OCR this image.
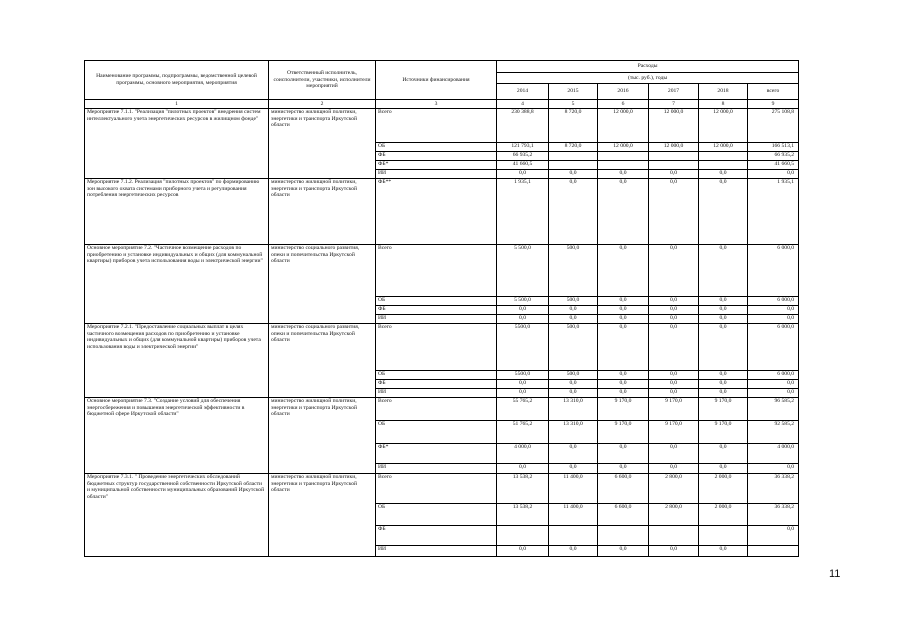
Наименование программы, подпрограммы, ведомственной целевой программы, основного мероприятия, мероприятия	Ответственный исполнитель, соисполнители, участники, исполнители мероприятий	Источники финансирования	Расходы					
			(тыс. руб.), годы					
			2014	2015	2016	2017	2018	всего
1	2	3	4	5	6	7	8	9
Мероприятие 7.1.1. "Реализация "пилотных проектов" внедрения систем интеллектуального учета энергетических ресурсов в жилищном фонде"	министерство жилищной политики, энергетики и транспорта Иркутской области	Всего	230 388,8	8 720,0	12 000,0	12 000,0	12 000,0	275 108,8
		ОБ	121 793,1	8 720,0	12 000,0	12 000,0	12 000,0	166 513,1
		ФБ	66 935,2					66 935,2
		ФБ*	41 660,5					41 660,5
		ИИ	0,0	0,0	0,0	0,0	0,0	0,0
Мероприятие 7.1.2. Реализация "пилотных проектов" по формированию зон высокого охвата системами приборного учета и регулирования потребления энергетических ресурсов	министерство жилищной политики, энергетики и транспорта Иркутской области	ФБ**	1 935,1	0,0	0,0	0,0	0,0	1 935,1
Основное мероприятие 7.2. "Частичное возмещение расходов по приобретению и установке индивидуальных и общих (для коммунальной квартиры) приборов учета использования воды и электрической энергии"	министерство социального развития, опеки и попечительства Иркутской области	Всего	5 500,0	500,0	0,0	0,0	0,0	6 000,0
		ОБ	5 500,0	500,0	0,0	0,0	0,0	6 000,0
		ФБ	0,0	0,0	0,0	0,0	0,0	0,0
		ИИ	0,0	0,0	0,0	0,0	0,0	0,0
Мероприятие 7.2.1. "Предоставление социальных выплат в целях частичного возмещения расходов по приобретению и установке индивидуальных и общих (для коммунальной квартиры) приборов учета использования воды и электрической энергии"	министерство социального развития, опеки и попечительства Иркутской области	Всего	5500,0	500,0	0,0	0,0	0,0	6 000,0
		ОБ	5500,0	500,0	0,0	0,0	0,0	6 000,0
		ФБ	0,0	0,0	0,0	0,0	0,0	0,0
		ИИ	0,0	0,0	0,0	0,0	0,0	0,0
Основное мероприятие 7.3. "Создание условий для обеспечения энергосбережения и повышения энергетической эффективности в бюджетной сфере Иркутской области"	министерство жилищной политики, энергетики и транспорта Иркутской области	Всего	55 765,2	13 310,0	9 170,0	9 170,0	9 170,0	96 585,2
		ОБ	51 765,2	13 310,0	9 170,0	9 170,0	9 170,0	92 585,2
		ФБ*	4 000,0	0,0	0,0	0,0	0,0	4 000,0
		ИИ	0,0	0,0	0,0	0,0	0,0	0,0
Мероприятие 7.3.1. " Проведение энергетических обследований бюджетных структур государственной собственности Иркутской области и муниципальной собственности муниципальных образований Иркутской области"	министерство жилищной политики, энергетики и транспорта Иркутской области	Всего	13 538,2	11 400,0	6 600,0	2 800,0	2 000,0	36 338,2
		ОБ	13 538,2	11 400,0	6 600,0	2 800,0	2 000,0	36 338,2
		ФБ						0,0
		ИИ	0,0	0,0	0,0	0,0	0,0	
11
